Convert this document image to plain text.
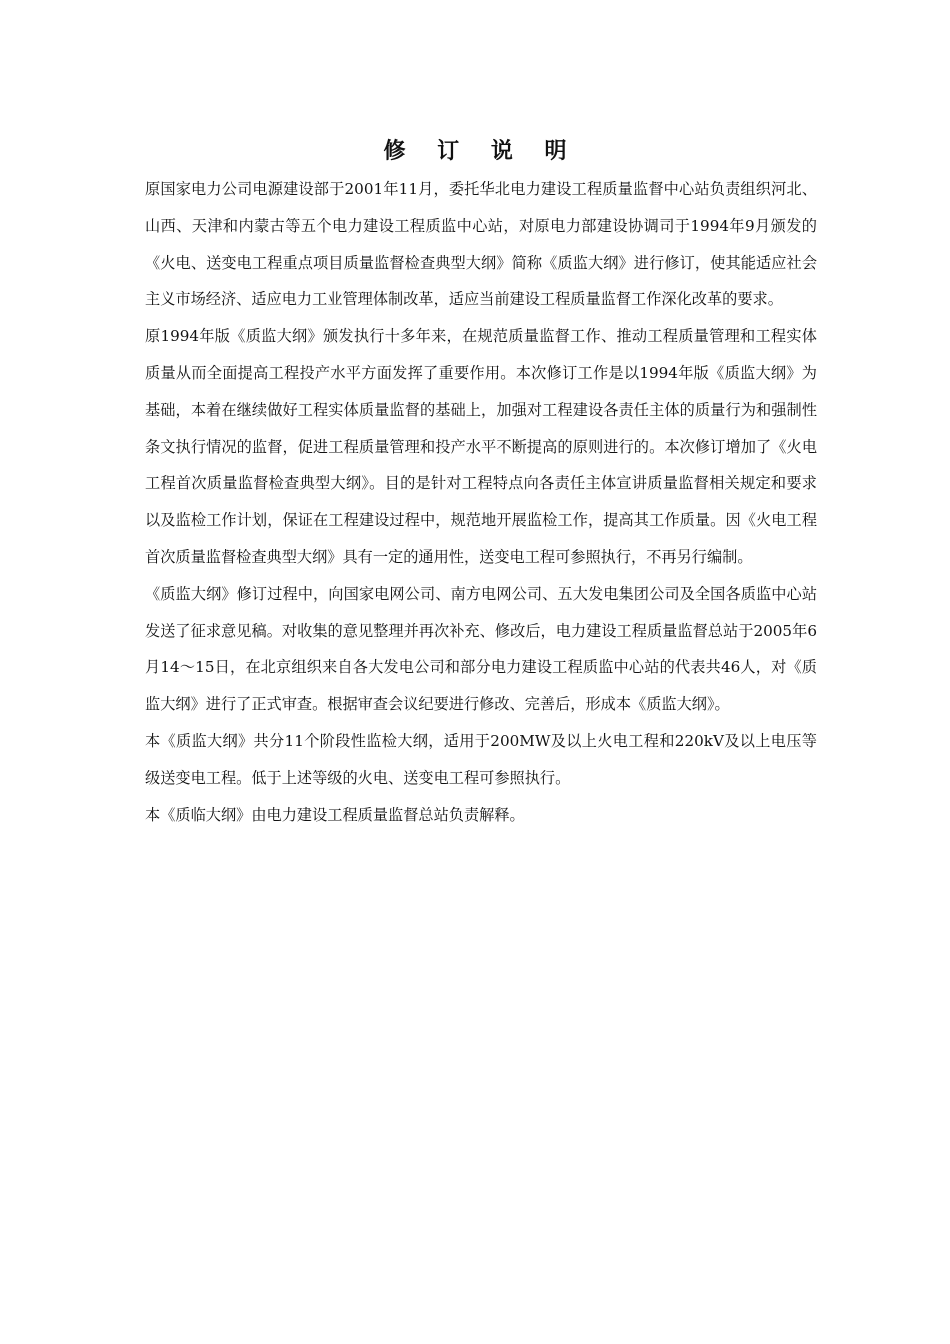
修 订 说 明

原国家电力公司电源建设部于2001年11月，委托华北电力建设工程质量监督中心站负责组织河北、山西、天津和内蒙古等五个电力建设工程质监中心站，对原电力部建设协调司于1994年9月颁发的《火电、送变电工程重点项目质量监督检查典型大纲》简称《质监大纲》进行修订，使其能适应社会主义市场经济、适应电力工业管理体制改革，适应当前建设工程质量监督工作深化改革的要求。

原1994年版《质监大纲》颁发执行十多年来，在规范质量监督工作、推动工程质量管理和工程实体质量从而全面提高工程投产水平方面发挥了重要作用。本次修订工作是以1994年版《质监大纲》为基础，本着在继续做好工程实体质量监督的基础上，加强对工程建设各责任主体的质量行为和强制性条文执行情况的监督，促进工程质量管理和投产水平不断提高的原则进行的。本次修订增加了《火电工程首次质量监督检查典型大纲》。目的是针对工程特点向各责任主体宣讲质量监督相关规定和要求以及监检工作计划，保证在工程建设过程中，规范地开展监检工作，提高其工作质量。因《火电工程首次质量监督检查典型大纲》具有一定的通用性，送变电工程可参照执行，不再另行编制。

《质监大纲》修订过程中，向国家电网公司、南方电网公司、五大发电集团公司及全国各质监中心站发送了征求意见稿。对收集的意见整理并再次补充、修改后，电力建设工程质量监督总站于2005年6月14～15日，在北京组织来自各大发电公司和部分电力建设工程质监中心站的代表共46人，对《质监大纲》进行了正式审查。根据审查会议纪要进行修改、完善后，形成本《质监大纲》。

本《质监大纲》共分11个阶段性监检大纲，适用于200MW及以上火电工程和220kV及以上电压等级送变电工程。低于上述等级的火电、送变电工程可参照执行。

本《质临大纲》由电力建设工程质量监督总站负责解释。
